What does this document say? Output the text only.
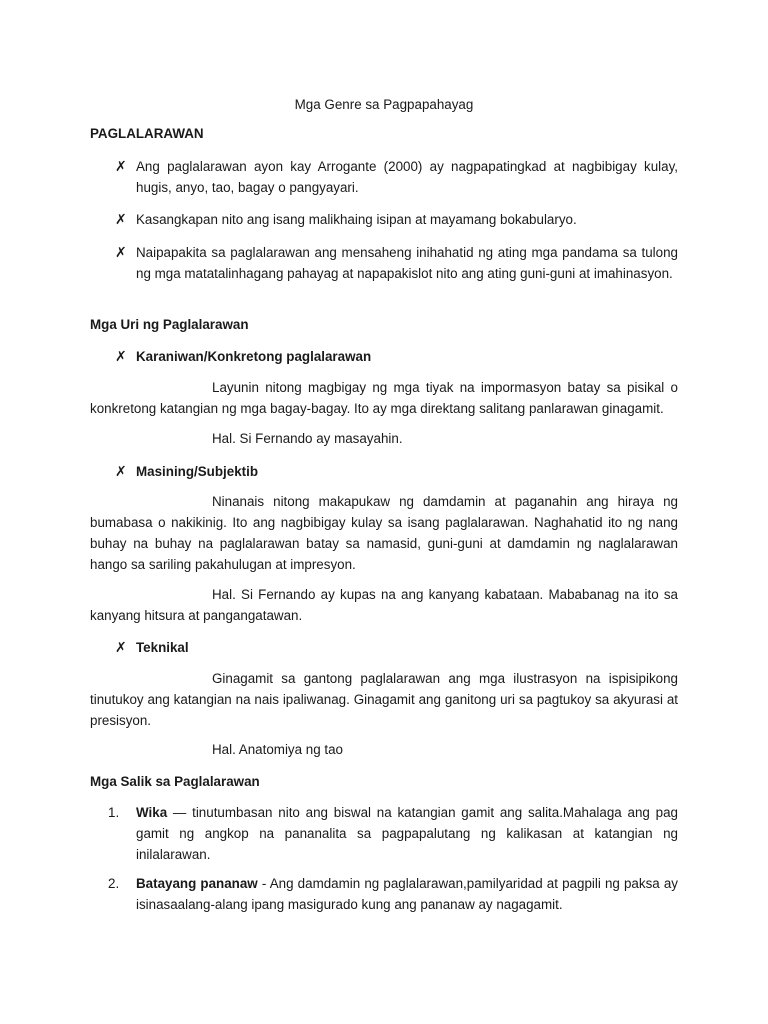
Mga Genre sa Pagpapahayag

PAGLALARAWAN

✗ Ang paglalarawan ayon kay Arrogante (2000) ay nagpapatingkad at nagbibigay kulay, hugis, anyo, tao, bagay o pangyayari.

✗ Kasangkapan nito ang isang malikhaing isipan at mayamang bokabularyo.

✗ Naipapakita sa paglalarawan ang mensaheng inihahatid ng ating mga pandama sa tulong ng mga matatalinhagang pahayag at napapakislot nito ang ating guni-guni at imahinasyon.

Mga Uri ng Paglalarawan

✗ Karaniwan/Konkretong paglalarawan

Layunin nitong magbigay ng mga tiyak na impormasyon batay sa pisikal o konkretong katangian ng mga bagay-bagay. Ito ay mga direktang salitang panlarawan ginagamit.

Hal. Si Fernando ay masayahin.

✗ Masining/Subjektib

Ninanais nitong makapukaw ng damdamin at paganahin ang hiraya ng bumabasa o nakikinig. Ito ang nagbibigay kulay sa isang paglalarawan. Naghahatid ito ng nang buhay na buhay na paglalarawan batay sa namasid, guni-guni at damdamin ng naglalarawan hango sa sariling pakahulugan at impresyon.

Hal. Si Fernando ay kupas na ang kanyang kabataan. Mababanag na ito sa kanyang hitsura at pangangatawan.

✗ Teknikal

Ginagamit sa gantong paglalarawan ang mga ilustrasyon na ispisipikong tinutukoy ang katangian na nais ipaliwanag. Ginagamit ang ganitong uri sa pagtukoy sa akyurasi at presisyon.

Hal. Anatomiya ng tao

Mga Salik sa Paglalarawan

1.	Wika — tinutumbasan nito ang biswal na katangian gamit ang salita.Mahalaga ang pag gamit ng angkop na pananalita sa pagpapalutang ng kalikasan at katangian ng inilalarawan.

2.	Batayang pananaw - Ang damdamin ng paglalarawan,pamilyaridad at pagpili ng paksa ay isinasaalang-alang ipang masigurado kung ang pananaw ay nagagamit.
